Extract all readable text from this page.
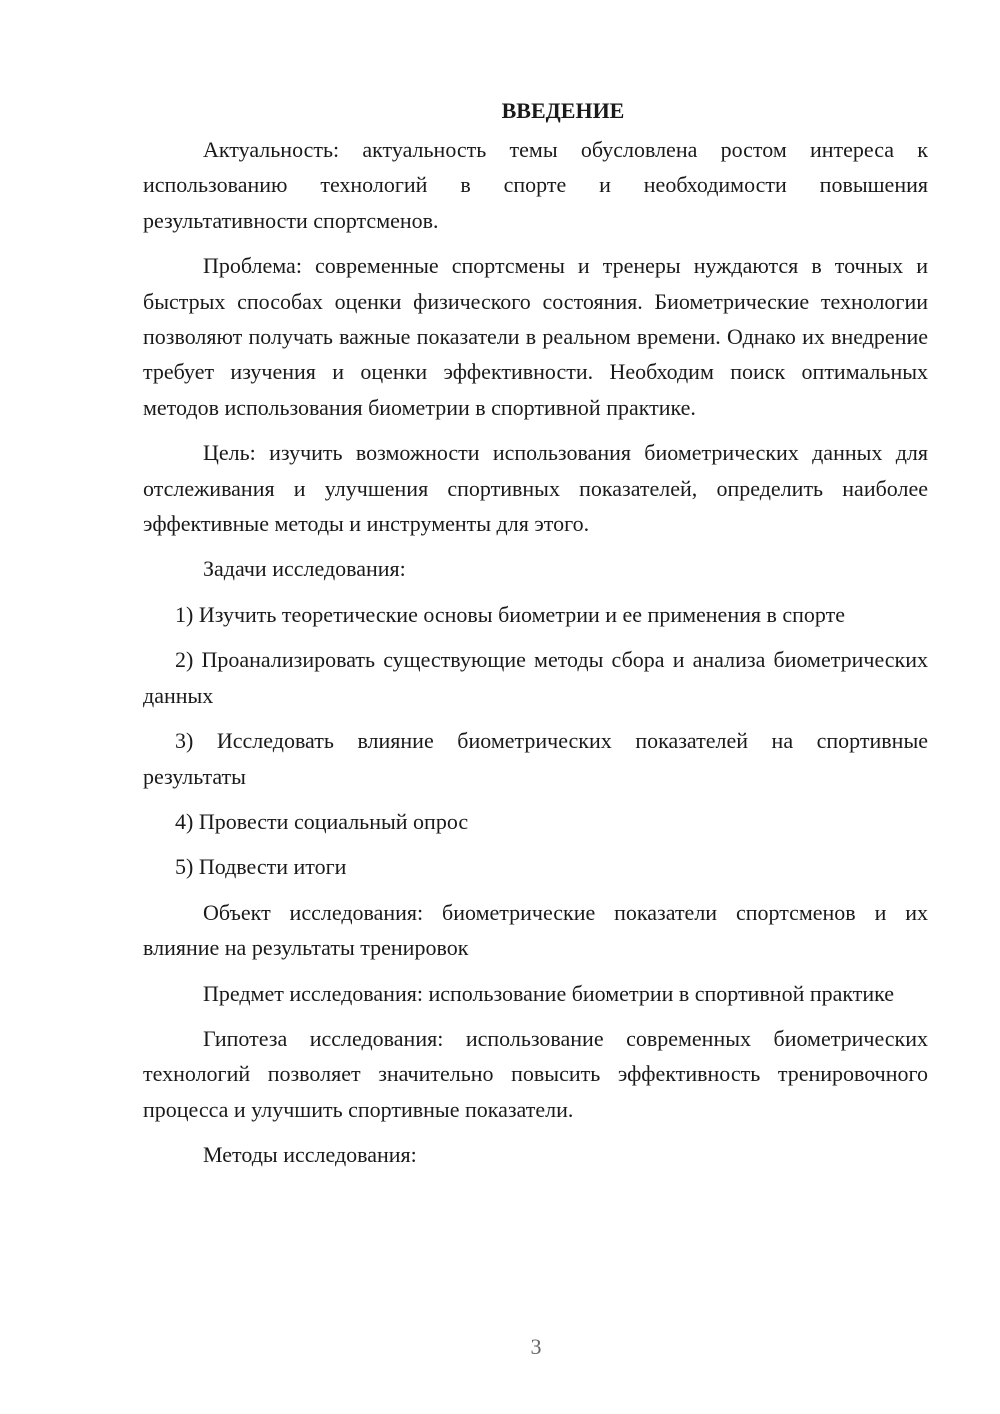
ВВЕДЕНИЕ
Актуальность: актуальность темы обусловлена ростом интереса к использованию технологий в спорте и необходимости повышения результативности спортсменов.
Проблема: современные спортсмены и тренеры нуждаются в точных и быстрых способах оценки физического состояния. Биометрические технологии позволяют получать важные показатели в реальном времени. Однако их внедрение требует изучения и оценки эффективности. Необходим поиск оптимальных методов использования биометрии в спортивной практике.
Цель: изучить возможности использования биометрических данных для отслеживания и улучшения спортивных показателей, определить наиболее эффективные методы и инструменты для этого.
Задачи исследования:
1) Изучить теоретические основы биометрии и ее применения в спорте
2) Проанализировать существующие методы сбора и анализа биометрических данных
3) Исследовать влияние биометрических показателей на спортивные результаты
4) Провести социальный опрос
5) Подвести итоги
Объект исследования: биометрические показатели спортсменов и их влияние на результаты тренировок
Предмет исследования: использование биометрии в спортивной практике
Гипотеза исследования: использование современных биометрических технологий позволяет значительно повысить эффективность тренировочного процесса и улучшить спортивные показатели.
Методы исследования:
3
